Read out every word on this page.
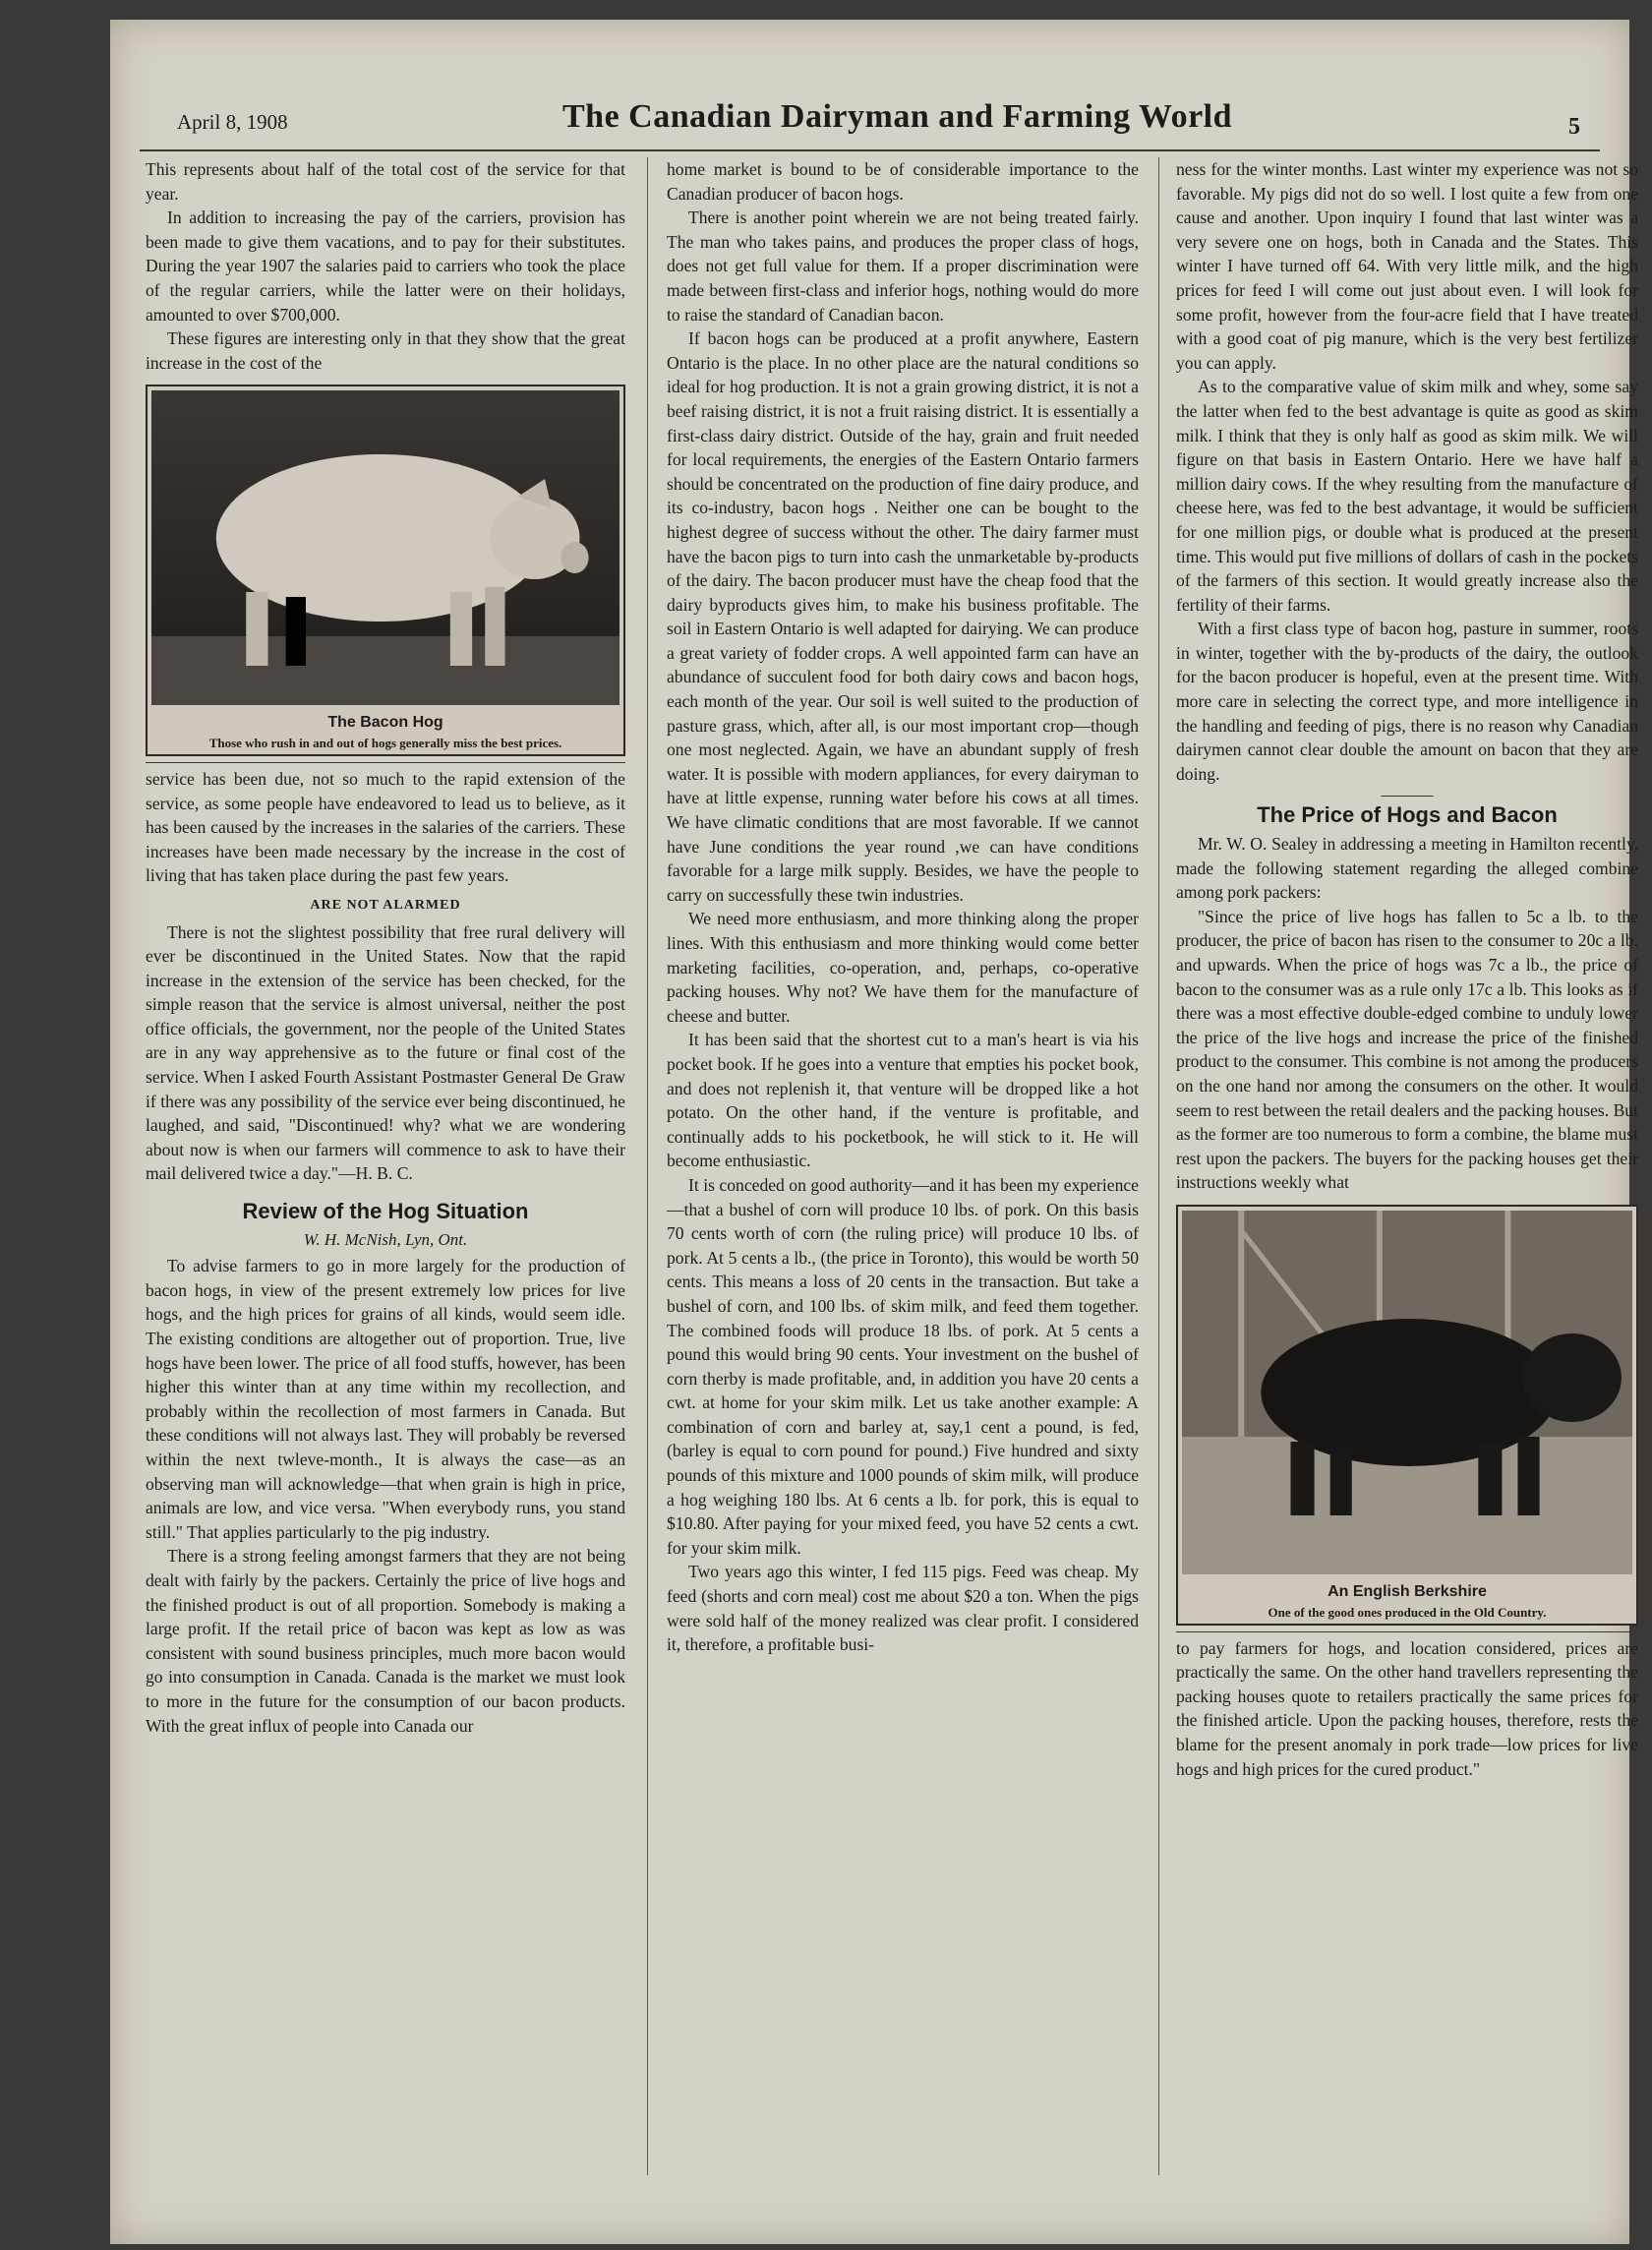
April 8, 1908	The Canadian Dairyman and Farming World	5

This represents about half of the total cost of the service for that year.

In addition to increasing the pay of the carriers, provision has been made to give them vacations, and to pay for their substitutes. During the year 1907 the salaries paid to carriers who took the place of the regular carriers, while the latter were on their holidays, amounted to over $700,000.

These figures are interesting only in that they show that the great increase in the cost of the

The Bacon Hog
Those who rush in and out of hogs generally miss the best prices.

service has been due, not so much to the rapid extension of the service, as some people have endeavored to lead us to believe, as it has been caused by the increases in the salaries of the carriers. These increases have been made necessary by the increase in the cost of living that has taken place during the past few years.

ARE NOT ALARMED

There is not the slightest possibility that free rural delivery will ever be discontinued in the United States. Now that the rapid increase in the extension of the service has been checked, for the simple reason that the service is almost universal, neither the post office officials, the government, nor the people of the United States are in any way apprehensive as to the future or final cost of the service. When I asked Fourth Assistant Postmaster General De Graw if there was any possibility of the service ever being discontinued, he laughed, and said, "Discontinued! why? what we are wondering about now is when our farmers will commence to ask to have their mail delivered twice a day."—H. B. C.

Review of the Hog Situation
W. H. McNish, Lyn, Ont.

To advise farmers to go in more largely for the production of bacon hogs, in view of the present extremely low prices for live hogs, and the high prices for grains of all kinds, would seem idle. The existing conditions are altogether out of proportion. True, live hogs have been lower. The price of all food stuffs, however, has been higher this winter than at any time within my recollection, and probably within the recollection of most farmers in Canada. But these conditions will not always last. They will probably be reversed within the next twleve-month., It is always the case—as an observing man will acknowledge—that when grain is high in price, animals are low, and vice versa. "When everybody runs, you stand still." That applies particularly to the pig industry.

There is a strong feeling amongst farmers that they are not being dealt with fairly by the packers. Certainly the price of live hogs and the finished product is out of all proportion. Somebody is making a large profit. If the retail price of bacon was kept as low as was consistent with sound business principles, much more bacon would go into consumption in Canada. Canada is the market we must look to more in the future for the consumption of our bacon products. With the great influx of people into Canada our

home market is bound to be of considerable importance to the Canadian producer of bacon hogs.

There is another point wherein we are not being treated fairly. The man who takes pains, and produces the proper class of hogs, does not get full value for them. If a proper discrimination were made between first-class and inferior hogs, nothing would do more to raise the standard of Canadian bacon.

If bacon hogs can be produced at a profit anywhere, Eastern Ontario is the place. In no other place are the natural conditions so ideal for hog production. It is not a grain growing district, it is not a beef raising district, it is not a fruit raising district. It is essentially a first-class dairy district. Outside of the hay, grain and fruit needed for local requirements, the energies of the Eastern Ontario farmers should be concentrated on the production of fine dairy produce, and its co-industry, bacon hogs . Neither one can be bought to the highest degree of success without the other. The dairy farmer must have the bacon pigs to turn into cash the unmarketable by-products of the dairy. The bacon producer must have the cheap food that the dairy byproducts gives him, to make his business profitable. The soil in Eastern Ontario is well adapted for dairying. We can produce a great variety of fodder crops. A well appointed farm can have an abundance of succulent food for both dairy cows and bacon hogs, each month of the year. Our soil is well suited to the production of pasture grass, which, after all, is our most important crop—though one most neglected. Again, we have an abundant supply of fresh water. It is possible with modern appliances, for every dairyman to have at little expense, running water before his cows at all times. We have climatic conditions that are most favorable. If we cannot have June conditions the year round ,we can have conditions favorable for a large milk supply. Besides, we have the people to carry on successfully these twin industries.

We need more enthusiasm, and more thinking along the proper lines. With this enthusiasm and more thinking would come better marketing facilities, co-operation, and, perhaps, co-operative packing houses. Why not? We have them for the manufacture of cheese and butter.

It has been said that the shortest cut to a man's heart is via his pocket book. If he goes into a venture that empties his pocket book, and does not replenish it, that venture will be dropped like a hot potato. On the other hand, if the venture is profitable, and continually adds to his pocketbook, he will stick to it. He will become enthusiastic.

It is conceded on good authority—and it has been my experience—that a bushel of corn will produce 10 lbs. of pork. On this basis 70 cents worth of corn (the ruling price) will produce 10 lbs. of pork. At 5 cents a lb., (the price in Toronto), this would be worth 50 cents. This means a loss of 20 cents in the transaction. But take a bushel of corn, and 100 lbs. of skim milk, and feed them together. The combined foods will produce 18 lbs. of pork. At 5 cents a pound this would bring 90 cents. Your investment on the bushel of corn therby is made profitable, and, in addition you have 20 cents a cwt. at home for your skim milk. Let us take another example: A combination of corn and barley at, say,1 cent a pound, is fed, (barley is equal to corn pound for pound.) Five hundred and sixty pounds of this mixture and 1000 pounds of skim milk, will produce a hog weighing 180 lbs. At 6 cents a lb. for pork, this is equal to $10.80. After paying for your mixed feed, you have 52 cents a cwt. for your skim milk.

Two years ago this winter, I fed 115 pigs. Feed was cheap. My feed (shorts and corn meal) cost me about $20 a ton. When the pigs were sold half of the money realized was clear profit. I considered it, therefore, a profitable busi-

ness for the winter months. Last winter my experience was not so favorable. My pigs did not do so well. I lost quite a few from one cause and another. Upon inquiry I found that last winter was a very severe one on hogs, both in Canada and the States. This winter I have turned off 64. With very little milk, and the high prices for feed I will come out just about even. I will look for some profit, however from the four-acre field that I have treated with a good coat of pig manure, which is the very best fertilizer you can apply.

As to the comparative value of skim milk and whey, some say the latter when fed to the best advantage is quite as good as skim milk. I think that they is only half as good as skim milk. We will figure on that basis in Eastern Ontario. Here we have half a million dairy cows. If the whey resulting from the manufacture of cheese here, was fed to the best advantage, it would be sufficient for one million pigs, or double what is produced at the present time. This would put five millions of dollars of cash in the pockets of the farmers of this section. It would greatly increase also the fertility of their farms.

With a first class type of bacon hog, pasture in summer, roots in winter, together with the by-products of the dairy, the outlook for the bacon producer is hopeful, even at the present time. With more care in selecting the correct type, and more intelligence in the handling and feeding of pigs, there is no reason why Canadian dairymen cannot clear double the amount on bacon that they are doing.

———
The Price of Hogs and Bacon

Mr. W. O. Sealey in addressing a meeting in Hamilton recently, made the following statement regarding the alleged combine among pork packers:

"Since the price of live hogs has fallen to 5c a lb. to the producer, the price of bacon has risen to the consumer to 20c a lb. and upwards. When the price of hogs was 7c a lb., the price of bacon to the consumer was as a rule only 17c a lb. This looks as if there was a most effective double-edged combine to unduly lower the price of the live hogs and increase the price of the finished product to the consumer. This combine is not among the producers on the one hand nor among the consumers on the other. It would seem to rest between the retail dealers and the packing houses. But as the former are too numerous to form a combine, the blame must rest upon the packers. The buyers for the packing houses get their instructions weekly what

An English Berkshire
One of the good ones produced in the Old Country.

to pay farmers for hogs, and location considered, prices are practically the same. On the other hand travellers representing the packing houses quote to retailers practically the same prices for the finished article. Upon the packing houses, therefore, rests the blame for the present anomaly in pork trade—low prices for live hogs and high prices for the cured product."
